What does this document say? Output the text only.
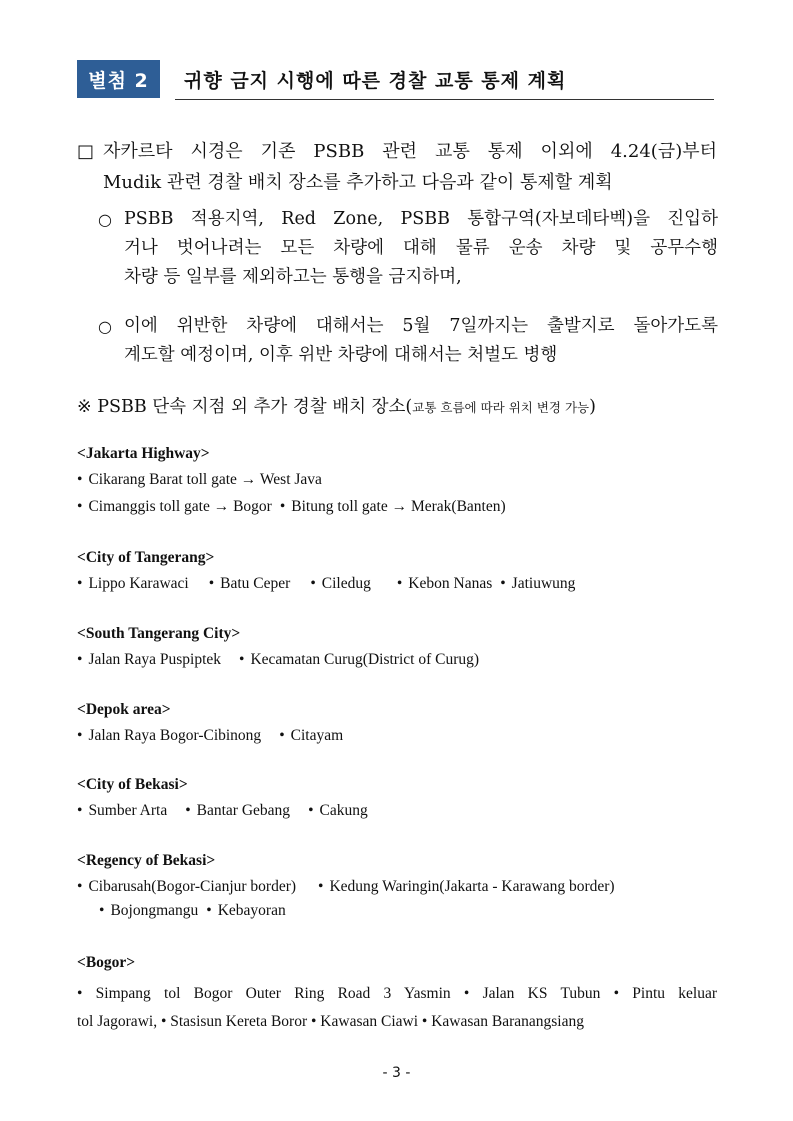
별첨 2	귀향 금지 시행에 따른 경찰 교통 통제 계획
□ 자카르타 시경은 기존 PSBB 관련 교통 통제 이외에 4.24(금)부터
Mudik 관련 경찰 배치 장소를 추가하고 다음과 같이 통제할 계획
○ PSBB 적용지역, Red Zone, PSBB 통합구역(자보데타벡)을 진입하
거나 벗어나려는 모든 차량에 대해 물류 운송 차량 및 공무수행
차량 등 일부를 제외하고는 통행을 금지하며,
○ 이에 위반한 차량에 대해서는 5월 7일까지는 출발지로 돌아가도록
계도할 예정이며, 이후 위반 차량에 대해서는 처벌도 병행
※ PSBB 단속 지점 외 추가 경찰 배치 장소(교통 흐름에 따라 위치 변경 가능)
<Jakarta Highway>
• Cikarang Barat toll gate → West Java
• Cimanggis toll gate → Bogor • Bitung toll gate → Merak(Banten)
<City of Tangerang>
• Lippo Karawaci • Batu Ceper • Ciledug • Kebon Nanas • Jatiuwung
<South Tangerang City>
• Jalan Raya Puspiptek • Kecamatan Curug(District of Curug)
<Depok area>
• Jalan Raya Bogor-Cibinong • Citayam
<City of Bekasi>
• Sumber Arta • Bantar Gebang • Cakung
<Regency of Bekasi>
• Cibarusah(Bogor-Cianjur border) • Kedung Waringin(Jakarta - Karawang border)
• Bojongmangu • Kebayoran
<Bogor>
• Simpang tol Bogor Outer Ring Road 3 Yasmin • Jalan KS Tubun • Pintu keluar
tol Jagorawi, • Stasisun Kereta Boror • Kawasan Ciawi • Kawasan Baranangsiang
- 3 -
